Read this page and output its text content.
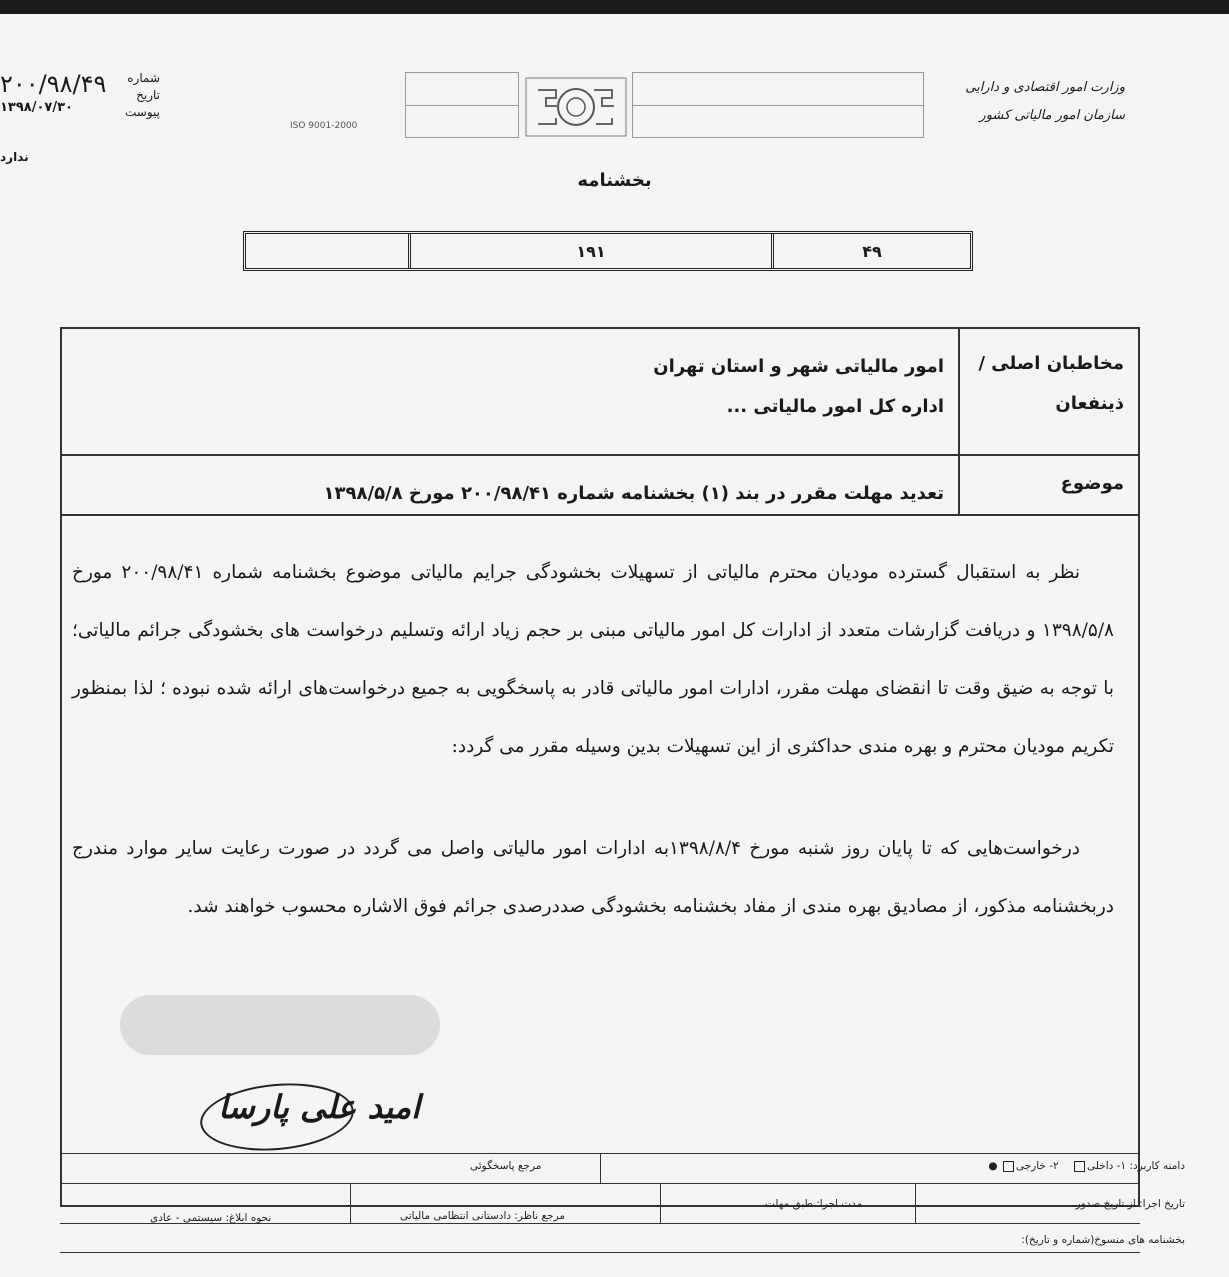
۲۰۰/۹۸/۴۹
۱۳۹۸/۰۷/۳۰
شماره
تاریخ
پیوست
ندارد
ISO 9001-2000
وزارت امور اقتصادی و دارایی
سازمان امور مالیاتی کشور
بخشنامه
۱۹۱	۴۹
مخاطبان اصلی /
ذینفعان
امور مالیاتی شهر و استان تهران
اداره کل امور مالیاتی ...
موضوع
تعدید مهلت مقرر در بند (۱) بخشنامه شماره ۲۰۰/۹۸/۴۱ مورخ ۱۳۹۸/۵/۸

نظر به استقبال گسترده مودیان محترم مالیاتی از تسهیلات بخشودگی جرایم مالیاتی موضوع بخشنامه شماره ۲۰۰/۹۸/۴۱ مورخ ۱۳۹۸/۵/۸ و دریافت گزارشات متعدد از ادارات کل امور مالیاتی مبنی بر حجم زیاد ارائه وتسلیم درخواست های بخشودگی جرائم مالیاتی؛ با توجه به ضیق وقت تا انقضای مهلت مقرر، ادارات امور مالیاتی قادر به پاسخگویی به جمیع درخواست‌های ارائه شده نبوده ؛ لذا بمنظور تکریم مودیان محترم و بهره مندی حداکثری از این تسهیلات بدین وسیله مقرر می گردد:

درخواست‌هایی که تا پایان روز شنبه مورخ ۱۳۹۸/۸/۴به ادارات امور مالیاتی واصل می گردد در صورت رعایت سایر موارد مندرج دربخشنامه مذکور، از مصادیق بهره مندی از مفاد بخشنامه بخشودگی صددرصدی جرائم فوق الاشاره محسوب خواهند شد.

امید علی پارسا
دامنه کاربرد: ۱- داخلی    ۲- خارجی ●
مرجع پاسخگوئی
تاریخ اجرا: از تاریخ صدور
مدت اجرا: طبق مهلت
مرجع ناظر: دادستانی انتظامی مالیاتی
نحوه ابلاغ: سیستمی - عادی
بخشنامه های منسوخ(شماره و تاریخ):
